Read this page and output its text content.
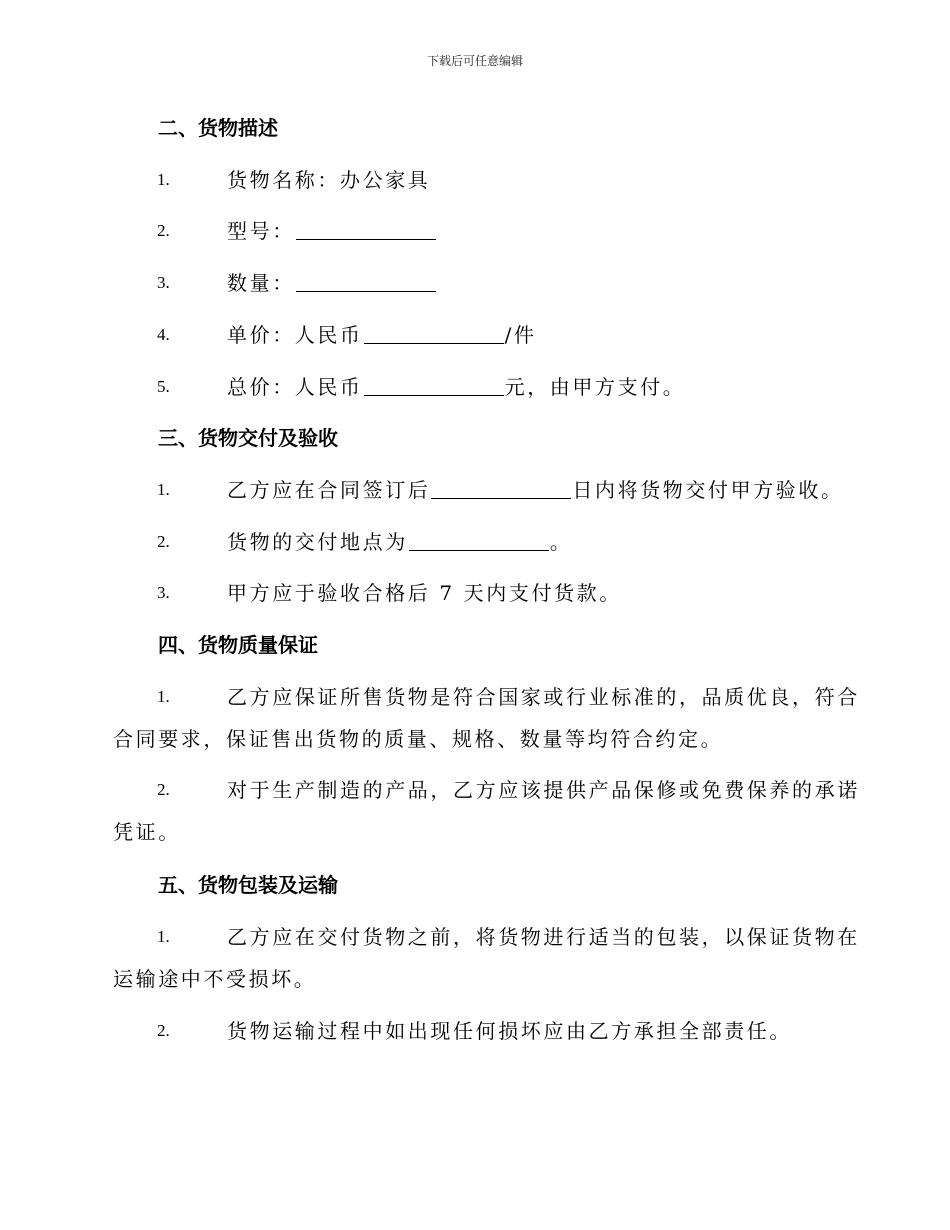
下载后可任意编辑
二、货物描述
1.	货物名称：办公家具
2.	型号：
3.	数量：
4.	单价：人民币	/件
5.	总价：人民币	元，由甲方支付。
三、货物交付及验收
1.	乙方应在合同签订后	日内将货物交付甲方验收。
2.	货物的交付地点为	。
3.	甲方应于验收合格后 7 天内支付货款。
四、货物质量保证
1.	乙方应保证所售货物是符合国家或行业标准的，品质优良，符合
合同要求，保证售出货物的质量、规格、数量等均符合约定。
2.	对于生产制造的产品，乙方应该提供产品保修或免费保养的承诺
凭证。
五、货物包装及运输
1.	乙方应在交付货物之前，将货物进行适当的包装，以保证货物在
运输途中不受损坏。
2.	货物运输过程中如出现任何损坏应由乙方承担全部责任。
